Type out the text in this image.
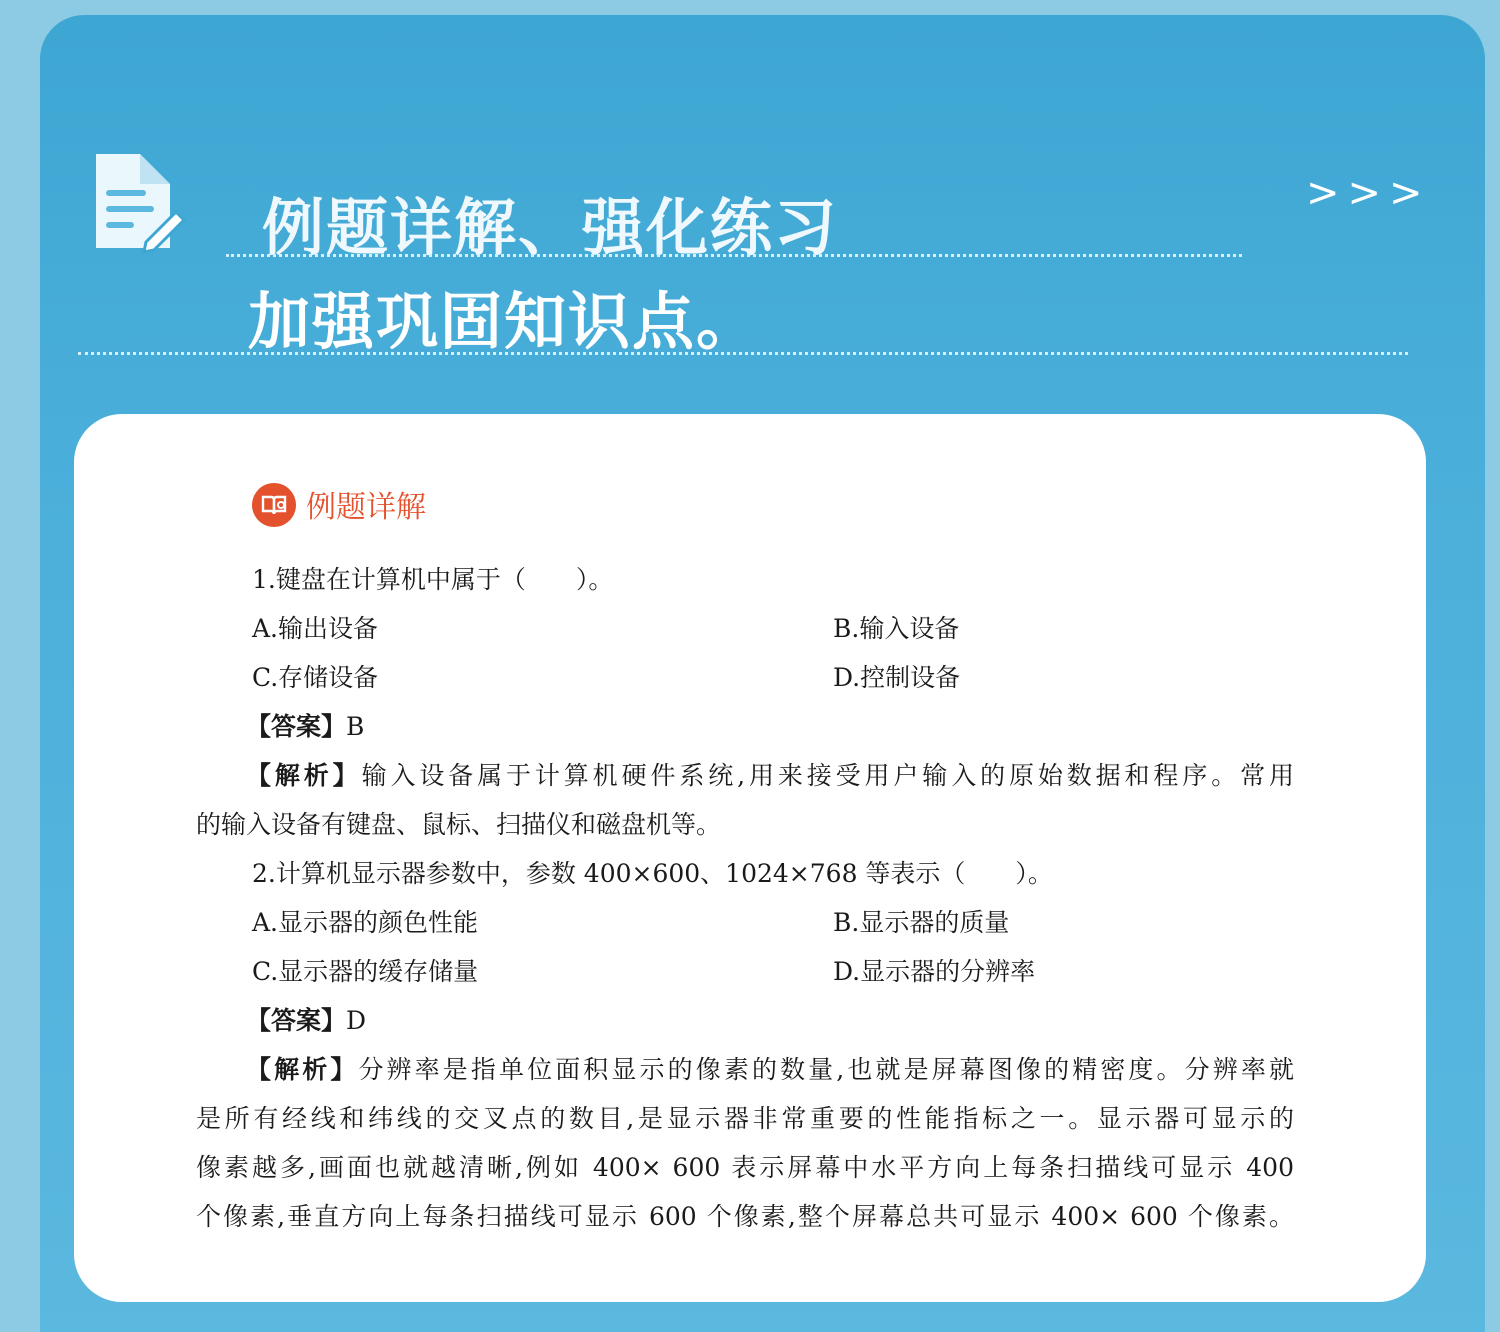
例题详解、强化练习
加强巩固知识点。
>>>
例题详解
1.键盘在计算机中属于（　　）。
A.输出设备	B.输入设备
C.存储设备	D.控制设备
【答案】B
【解析】输入设备属于计算机硬件系统,用来接受用户输入的原始数据和程序。常用
的输入设备有键盘、鼠标、扫描仪和磁盘机等。
2.计算机显示器参数中，参数 400×600、1024×768 等表示（　　）。
A.显示器的颜色性能	B.显示器的质量
C.显示器的缓存储量	D.显示器的分辨率
【答案】D
【解析】分辨率是指单位面积显示的像素的数量,也就是屏幕图像的精密度。分辨率就
是所有经线和纬线的交叉点的数目,是显示器非常重要的性能指标之一。显示器可显示的
像素越多,画面也就越清晰,例如 400× 600 表示屏幕中水平方向上每条扫描线可显示 400
个像素,垂直方向上每条扫描线可显示 600 个像素,整个屏幕总共可显示 400× 600 个像素。
